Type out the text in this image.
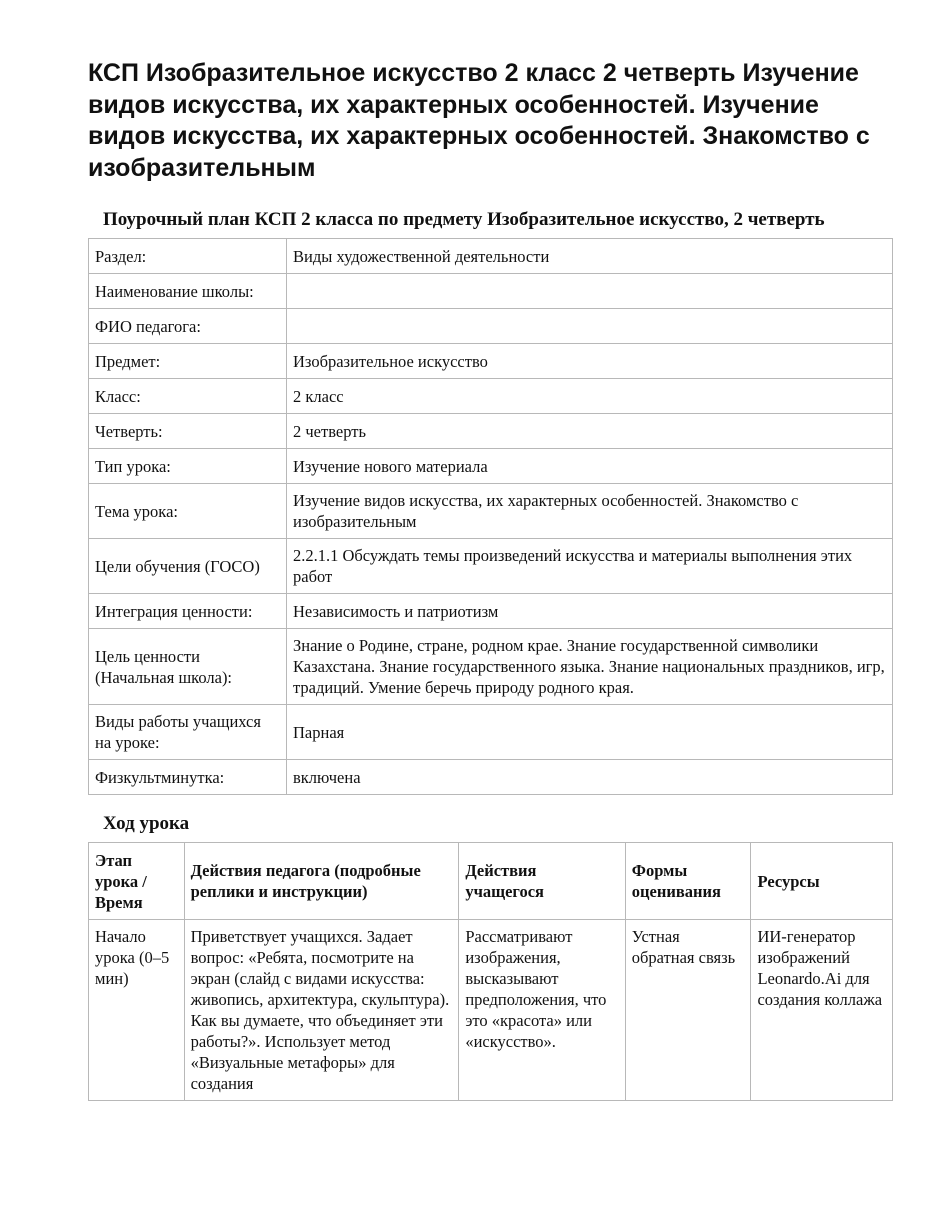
КСП Изобразительное искусство 2 класс 2 четверть Изучение видов искусства, их характерных особенностей. Изучение видов искусства, их характерных особенностей. Знакомство с изобразительным
Поурочный план КСП 2 класса по предмету Изобразительное искусство, 2 четверть
Раздел:	Виды художественной деятельности
Наименование школы:	
ФИО педагога:	
Предмет:	Изобразительное искусство
Класс:	2 класс
Четверть:	2 четверть
Тип урока:	Изучение нового материала
Тема урока:	Изучение видов искусства, их характерных особенностей. Знакомство с изобразительным
Цели обучения (ГОСО)	2.2.1.1 Обсуждать темы произведений искусства и материалы выполнения этих работ
Интеграция ценности:	Независимость и патриотизм
Цель ценности (Начальная школа):	Знание о Родине, стране, родном крае. Знание государственной символики Казахстана. Знание государственного языка. Знание национальных праздников, игр, традиций. Умение беречь природу родного края.
Виды работы учащихся на уроке:	Парная
Физкультминутка:	включена
Ход урока
Этап урока / Время	Действия педагога (подробные реплики и инструкции)	Действия учащегося	Формы оценивания	Ресурсы
Начало урока (0–5 мин)	Приветствует учащихся. Задает вопрос: «Ребята, посмотрите на экран (слайд с видами искусства: живопись, архитектура, скульптура). Как вы думаете, что объединяет эти работы?». Использует метод «Визуальные метафоры» для создания	Рассматривают изображения, высказывают предположения, что это «красота» или «искусство».	Устная обратная связь	ИИ-генератор изображений Leonardo.Ai для создания коллажа
